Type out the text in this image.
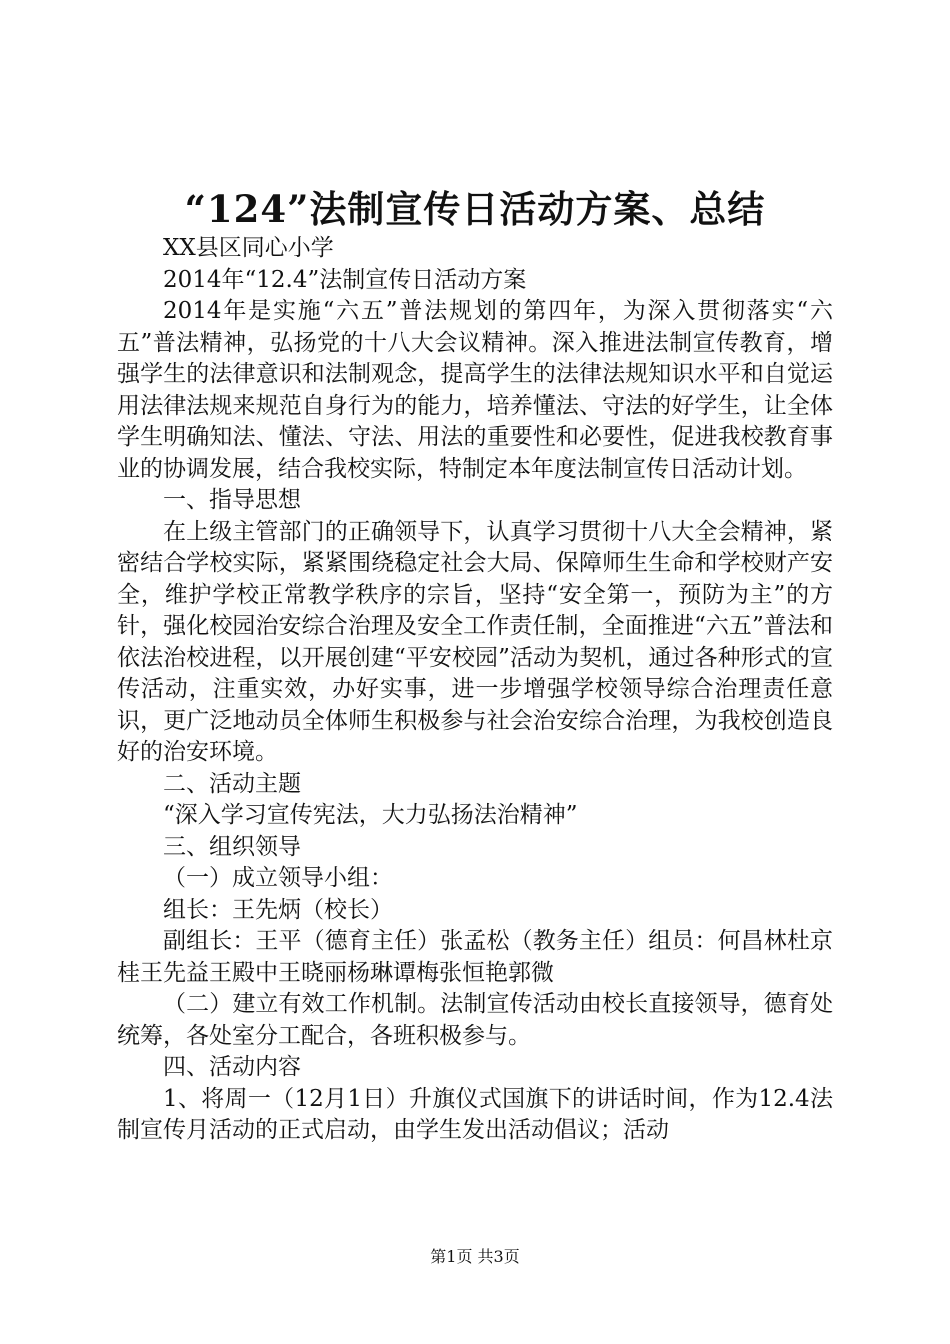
“124”法制宣传日活动方案、总结

XX县区同心小学

2014年“12.4”法制宣传日活动方案

2014年是实施“六五”普法规划的第四年，为深入贯彻落实“六五”普法精神，弘扬党的十八大会议精神。深入推进法制宣传教育，增强学生的法律意识和法制观念，提高学生的法律法规知识水平和自觉运用法律法规来规范自身行为的能力，培养懂法、守法的好学生，让全体学生明确知法、懂法、守法、用法的重要性和必要性，促进我校教育事业的协调发展，结合我校实际，特制定本年度法制宣传日活动计划。

一、指导思想

在上级主管部门的正确领导下，认真学习贯彻十八大全会精神，紧密结合学校实际，紧紧围绕稳定社会大局、保障师生生命和学校财产安全，维护学校正常教学秩序的宗旨，坚持“安全第一，预防为主”的方针，强化校园治安综合治理及安全工作责任制，全面推进“六五”普法和依法治校进程，以开展创建“平安校园”活动为契机，通过各种形式的宣传活动，注重实效，办好实事，进一步增强学校领导综合治理责任意识，更广泛地动员全体师生积极参与社会治安综合治理，为我校创造良好的治安环境。

二、活动主题

“深入学习宣传宪法，大力弘扬法治精神”

三、组织领导

（一）成立领导小组：

组长：王先炳（校长）

副组长：王平（德育主任）张孟松（教务主任）组员：何昌林杜京桂王先益王殿中王晓丽杨琳谭梅张恒艳郭微

（二）建立有效工作机制。法制宣传活动由校长直接领导，德育处统筹，各处室分工配合，各班积极参与。

四、活动内容

1、将周一（12月1日）升旗仪式国旗下的讲话时间，作为12.4法制宣传月活动的正式启动，由学生发出活动倡议；活动

第1页 共3页
